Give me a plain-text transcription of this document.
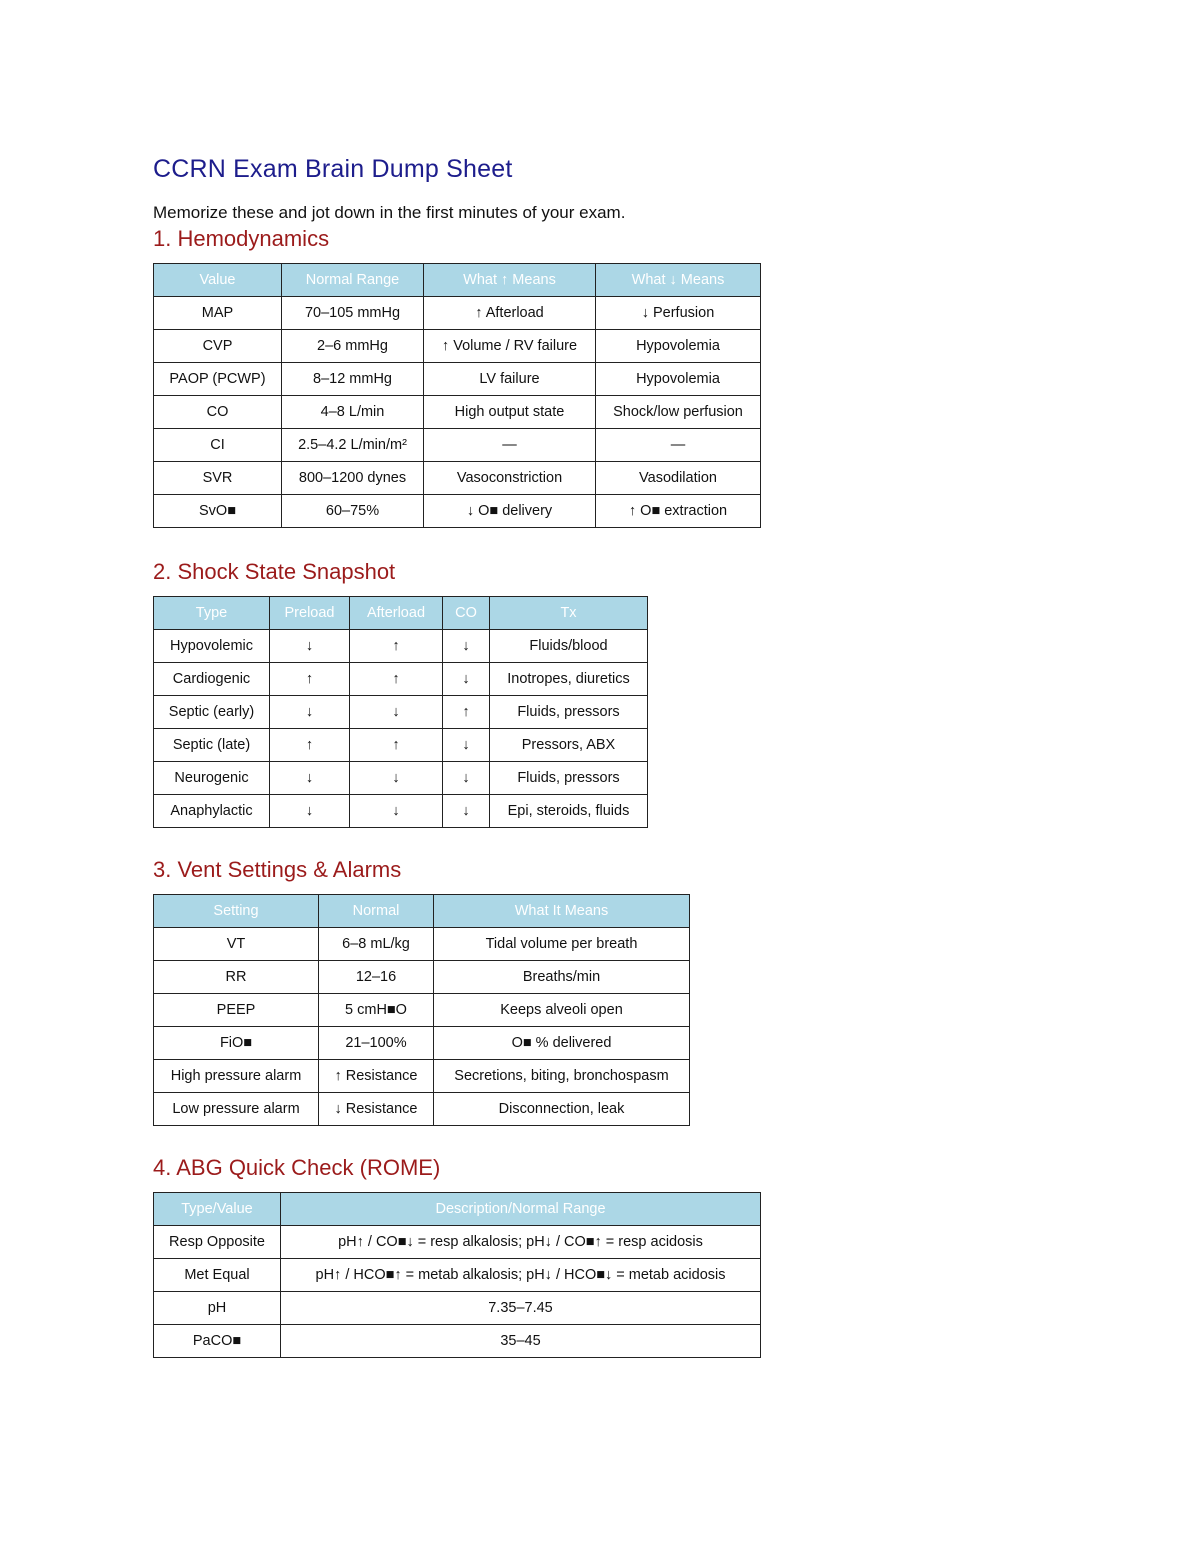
CCRN Exam Brain Dump Sheet

Memorize these and jot down in the first minutes of your exam.

1. Hemodynamics
Value	Normal Range	What ↑ Means	What ↓ Means
MAP	70–105 mmHg	↑ Afterload	↓ Perfusion
CVP	2–6 mmHg	↑ Volume / RV failure	Hypovolemia
PAOP (PCWP)	8–12 mmHg	LV failure	Hypovolemia
CO	4–8 L/min	High output state	Shock/low perfusion
CI	2.5–4.2 L/min/m²	—	—
SVR	800–1200 dynes	Vasoconstriction	Vasodilation
SvO■	60–75%	↓ O■ delivery	↑ O■ extraction
2. Shock State Snapshot
Type	Preload	Afterload	CO	Tx
Hypovolemic	↓	↑	↓	Fluids/blood
Cardiogenic	↑	↑	↓	Inotropes, diuretics
Septic (early)	↓	↓	↑	Fluids, pressors
Septic (late)	↑	↑	↓	Pressors, ABX
Neurogenic	↓	↓	↓	Fluids, pressors
Anaphylactic	↓	↓	↓	Epi, steroids, fluids
3. Vent Settings & Alarms
Setting	Normal	What It Means
VT	6–8 mL/kg	Tidal volume per breath
RR	12–16	Breaths/min
PEEP	5 cmH■O	Keeps alveoli open
FiO■	21–100%	O■ % delivered
High pressure alarm	↑ Resistance	Secretions, biting, bronchospasm
Low pressure alarm	↓ Resistance	Disconnection, leak
4. ABG Quick Check (ROME)
Type/Value	Description/Normal Range
Resp Opposite	pH↑ / CO■↓ = resp alkalosis; pH↓ / CO■↑ = resp acidosis
Met Equal	pH↑ / HCO■↑ = metab alkalosis; pH↓ / HCO■↓ = metab acidosis
pH	7.35–7.45
PaCO■	35–45
